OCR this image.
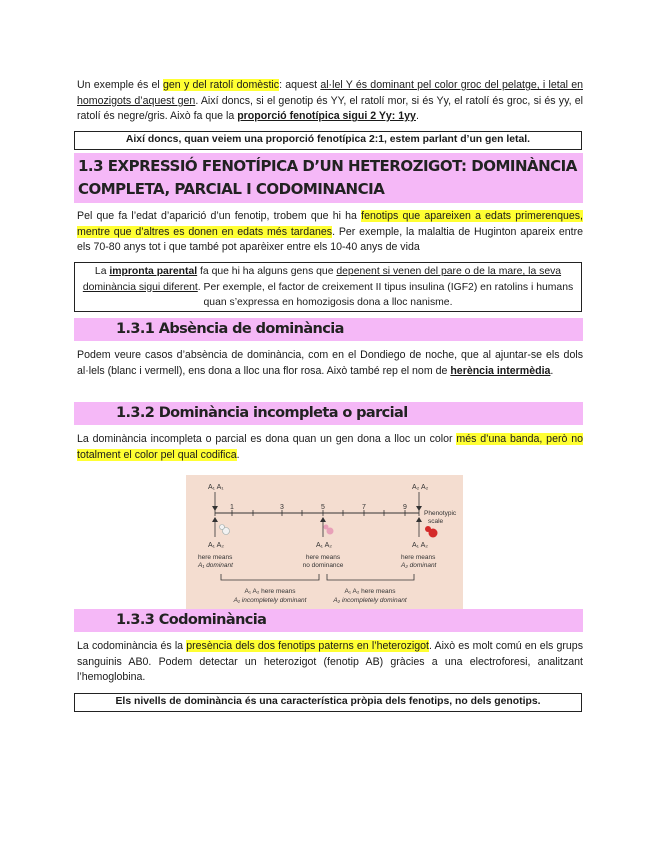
Un exemple és el gen y del ratolí domèstic: aquest al·lel Y és dominant pel color groc del pelatge, i letal en homozigots d’aquest gen. Així doncs, si el genotip és YY, el ratolí mor, si és Yy, el ratolí és groc, si és yy, el ratolí és negre/gris. Això fa que la proporció fenotípica sigui 2 Yy: 1yy.

Així doncs, quan veiem una proporció fenotípica 2:1, estem parlant d’un gen letal.
1.3 EXPRESSIÓ FENOTÍPICA D’UN HETEROZIGOT: DOMINÀNCIA COMPLETA, PARCIAL I CODOMINANCIA

Pel que fa l’edat d’aparició d’un fenotip, trobem que hi ha fenotips que apareixen a edats primerenques, mentre que d’altres es donen en edats més tardanes. Per exemple, la malaltia de Huginton apareix entre els 70-80 anys tot i que també pot aparèixer entre els 10-40 anys de vida

La impronta parental fa que hi ha alguns gens que depenent si venen del pare o de la mare, la seva dominància sigui diferent. Per exemple, el factor de creixement II tipus insulina (IGF2) en ratolins i humans quan s’expressa en homozigosis dona a lloc nanisme.
1.3.1 Absència de dominància

Podem veure casos d’absència de dominància, com en el Dondiego de noche, que al ajuntar-se els dols al·lels (blanc i vermell), ens dona a lloc una flor rosa. Això també rep el nom de herència intermèdia.

1.3.2 Dominància incompleta o parcial

La dominància incompleta o parcial es dona quan un gen dona a lloc un color més d’una banda, però no totalment el color pel qual codifica.

A₁ A₁	A₂ A₂
1	3	5	7	9
Phenotypic
scale
A₁ A₂	A₁ A₂	A₁ A₂
here means
A₁ dominant
here means
no dominance
here means
A₂ dominant
A₁ A₂ here means
A₁ incompletely dominant
A₁ A₂ here means
A₂ incompletely dominant
1.3.3 Codominància

La codominància és la presència dels dos fenotips paterns en l’heterozigot. Això es molt comú en els grups sanguinis AB0. Podem detectar un heterozigot (fenotip AB) gràcies a una electroforesi, analitzant l’hemoglobina.

Els nivells de dominància és una característica pròpia dels fenotips, no dels genotips.
